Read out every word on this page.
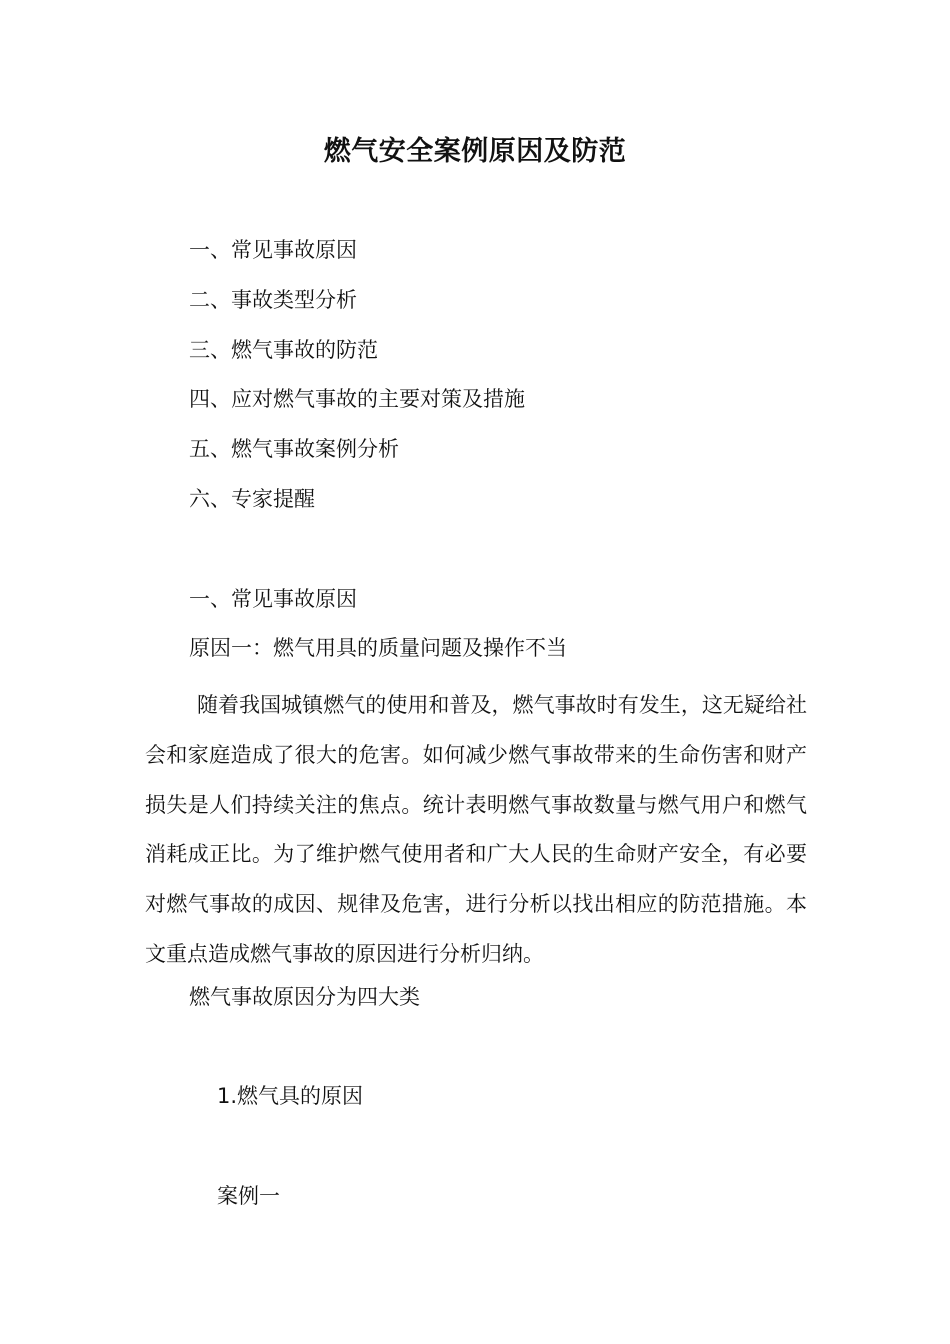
燃气安全案例原因及防范
一、常见事故原因
二、事故类型分析
三、燃气事故的防范
四、应对燃气事故的主要对策及措施
五、燃气事故案例分析
六、专家提醒
一、常见事故原因
原因一：燃气用具的质量问题及操作不当
随着我国城镇燃气的使用和普及，燃气事故时有发生，这无疑给社会和家庭造成了很大的危害。如何减少燃气事故带来的生命伤害和财产损失是人们持续关注的焦点。统计表明燃气事故数量与燃气用户和燃气消耗成正比。为了维护燃气使用者和广大人民的生命财产安全，有必要对燃气事故的成因、规律及危害，进行分析以找出相应的防范措施。本文重点造成燃气事故的原因进行分析归纳。
燃气事故原因分为四大类
1.燃气具的原因
案例一
